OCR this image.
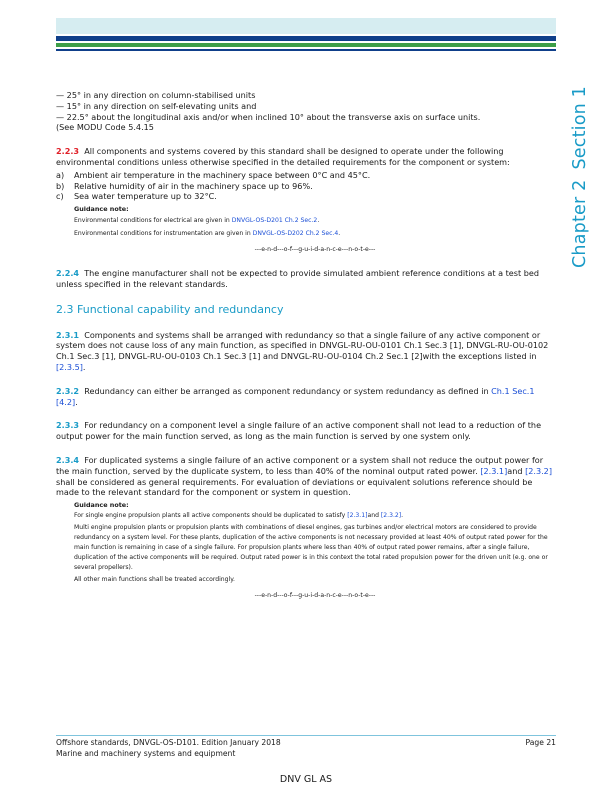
Chapter 2Section 1

— 25° in any direction on column-stabilised units

— 15° in any direction on self-elevating units and

— 22.5° about the longitudinal axis and/or when inclined 10° about the transverse axis on surface units.

(See MODU Code 5.4.15

2.2.3 All components and systems covered by this standard shall be designed to operate under the following environmental conditions unless otherwise specified in the detailed requirements for the component or system:

a)	Ambient air temperature in the machinery space between 0°C and 45°C.
b)	Relative humidity of air in the machinery space up to 96%.
c)	Sea water temperature up to 32°C.
Guidance note:
Environmental conditions for electrical are given in DNVGL-OS-D201 Ch.2 Sec.2.
Environmental conditions for instrumentation are given in DNVGL-OS-D202 Ch.2 Sec.4.
---e-n-d---o-f---g-u-i-d-a-n-c-e---n-o-t-e---

2.2.4 The engine manufacturer shall not be expected to provide simulated ambient reference conditions at a test bed unless specified in the relevant standards.

2.3 Functional capability and redundancy

2.3.1 Components and systems shall be arranged with redundancy so that a single failure of any active component or system does not cause loss of any main function, as specified in DNVGL-RU-OU-0101 Ch.1 Sec.3 [1], DNVGL-RU-OU-0102 Ch.1 Sec.3 [1], DNVGL-RU-OU-0103 Ch.1 Sec.3 [1] and DNVGL-RU-OU-0104 Ch.2 Sec.1 [2]with the exceptions listed in [2.3.5].

2.3.2 Redundancy can either be arranged as component redundancy or system redundancy as defined in Ch.1 Sec.1 [4.2].

2.3.3 For redundancy on a component level a single failure of an active component shall not lead to a reduction of the output power for the main function served, as long as the main function is served by one system only.

2.3.4 For duplicated systems a single failure of an active component or a system shall not reduce the output power for the main function, served by the duplicate system, to less than 40% of the nominal output rated power. [2.3.1]and [2.3.2] shall be considered as general requirements. For evaluation of deviations or equivalent solutions reference should be made to the relevant standard for the component or system in question.

Guidance note:
For single engine propulsion plants all active components should be duplicated to satisfy [2.3.1]and [2.3.2].
Multi engine propulsion plants or propulsion plants with combinations of diesel engines, gas turbines and/or electrical motors are considered to provide redundancy on a system level. For these plants, duplication of the active components is not necessary provided at least 40% of output rated power for the main function is remaining in case of a single failure. For propulsion plants where less than 40% of output rated power remains, after a single failure, duplication of the active components will be required. Output rated power is in this context the total rated propulsion power for the driven unit (e.g. one or several propellers).
All other main functions shall be treated accordingly.
---e-n-d---o-f---g-u-i-d-a-n-c-e---n-o-t-e---
Offshore standards, DNVGL-OS-D101. Edition January 2018
Marine and machinery systems and equipment
Page 21
DNV GL AS
